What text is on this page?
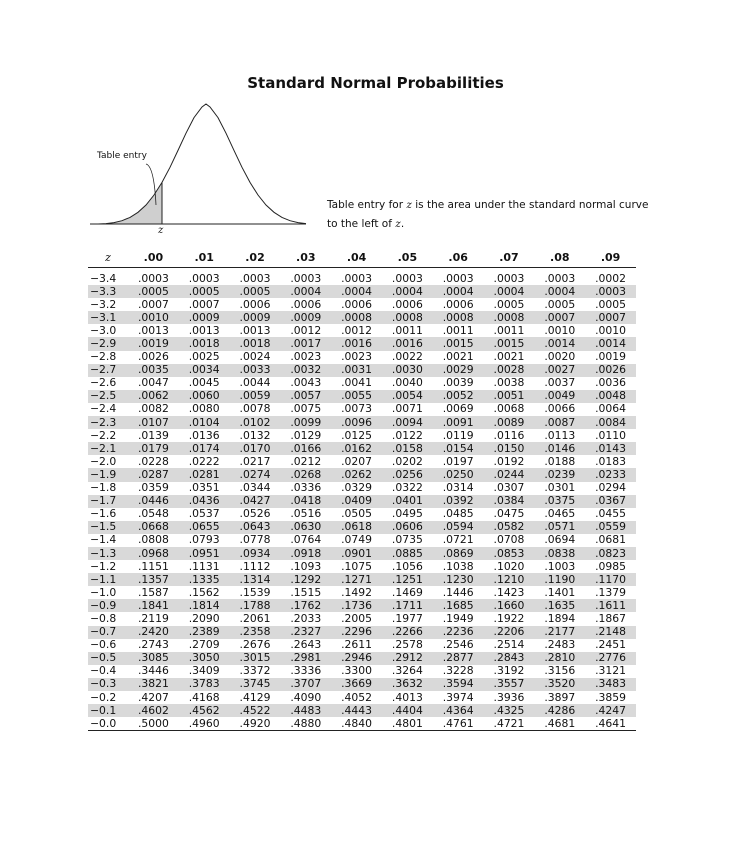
Standard Normal Probabilities
Table entry
z
Table entry for z is the area under the standard normal curve
to the left of z.
z	.00	.01	.02	.03	.04	.05	.06	.07	.08	.09
−3.4	.0003	.0003	.0003	.0003	.0003	.0003	.0003	.0003	.0003	.0002
−3.3	.0005	.0005	.0005	.0004	.0004	.0004	.0004	.0004	.0004	.0003
−3.2	.0007	.0007	.0006	.0006	.0006	.0006	.0006	.0005	.0005	.0005
−3.1	.0010	.0009	.0009	.0009	.0008	.0008	.0008	.0008	.0007	.0007
−3.0	.0013	.0013	.0013	.0012	.0012	.0011	.0011	.0011	.0010	.0010
−2.9	.0019	.0018	.0018	.0017	.0016	.0016	.0015	.0015	.0014	.0014
−2.8	.0026	.0025	.0024	.0023	.0023	.0022	.0021	.0021	.0020	.0019
−2.7	.0035	.0034	.0033	.0032	.0031	.0030	.0029	.0028	.0027	.0026
−2.6	.0047	.0045	.0044	.0043	.0041	.0040	.0039	.0038	.0037	.0036
−2.5	.0062	.0060	.0059	.0057	.0055	.0054	.0052	.0051	.0049	.0048
−2.4	.0082	.0080	.0078	.0075	.0073	.0071	.0069	.0068	.0066	.0064
−2.3	.0107	.0104	.0102	.0099	.0096	.0094	.0091	.0089	.0087	.0084
−2.2	.0139	.0136	.0132	.0129	.0125	.0122	.0119	.0116	.0113	.0110
−2.1	.0179	.0174	.0170	.0166	.0162	.0158	.0154	.0150	.0146	.0143
−2.0	.0228	.0222	.0217	.0212	.0207	.0202	.0197	.0192	.0188	.0183
−1.9	.0287	.0281	.0274	.0268	.0262	.0256	.0250	.0244	.0239	.0233
−1.8	.0359	.0351	.0344	.0336	.0329	.0322	.0314	.0307	.0301	.0294
−1.7	.0446	.0436	.0427	.0418	.0409	.0401	.0392	.0384	.0375	.0367
−1.6	.0548	.0537	.0526	.0516	.0505	.0495	.0485	.0475	.0465	.0455
−1.5	.0668	.0655	.0643	.0630	.0618	.0606	.0594	.0582	.0571	.0559
−1.4	.0808	.0793	.0778	.0764	.0749	.0735	.0721	.0708	.0694	.0681
−1.3	.0968	.0951	.0934	.0918	.0901	.0885	.0869	.0853	.0838	.0823
−1.2	.1151	.1131	.1112	.1093	.1075	.1056	.1038	.1020	.1003	.0985
−1.1	.1357	.1335	.1314	.1292	.1271	.1251	.1230	.1210	.1190	.1170
−1.0	.1587	.1562	.1539	.1515	.1492	.1469	.1446	.1423	.1401	.1379
−0.9	.1841	.1814	.1788	.1762	.1736	.1711	.1685	.1660	.1635	.1611
−0.8	.2119	.2090	.2061	.2033	.2005	.1977	.1949	.1922	.1894	.1867
−0.7	.2420	.2389	.2358	.2327	.2296	.2266	.2236	.2206	.2177	.2148
−0.6	.2743	.2709	.2676	.2643	.2611	.2578	.2546	.2514	.2483	.2451
−0.5	.3085	.3050	.3015	.2981	.2946	.2912	.2877	.2843	.2810	.2776
−0.4	.3446	.3409	.3372	.3336	.3300	.3264	.3228	.3192	.3156	.3121
−0.3	.3821	.3783	.3745	.3707	.3669	.3632	.3594	.3557	.3520	.3483
−0.2	.4207	.4168	.4129	.4090	.4052	.4013	.3974	.3936	.3897	.3859
−0.1	.4602	.4562	.4522	.4483	.4443	.4404	.4364	.4325	.4286	.4247
−0.0	.5000	.4960	.4920	.4880	.4840	.4801	.4761	.4721	.4681	.4641
